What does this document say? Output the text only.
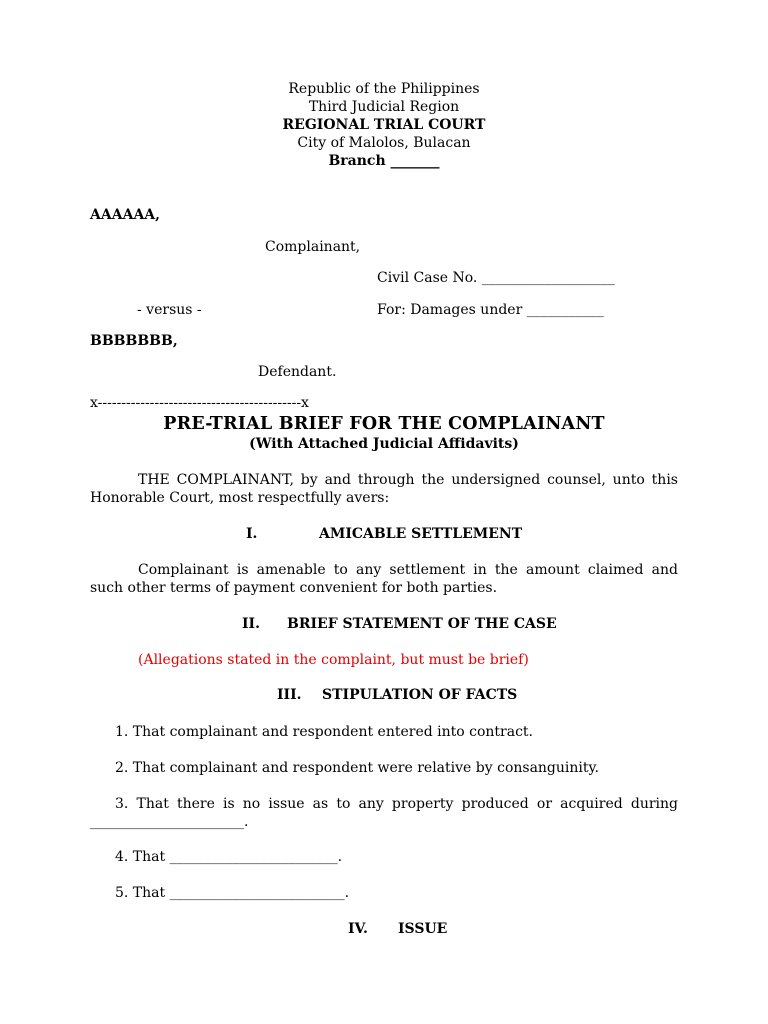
Republic of the Philippines
Third Judicial Region
REGIONAL TRIAL COURT
City of Malolos, Bulacan
Branch _______
AAAAAA,
Complainant,
Civil Case No. ___________________
- versus -	For: Damages under ___________
BBBBBBB,
Defendant.
x-------------------------------------------x
PRE-TRIAL BRIEF FOR THE COMPLAINANT
(With Attached Judicial Affidavits)
THE COMPLAINANT, by and through the undersigned counsel, unto this Honorable Court, most respectfully avers:
I.	AMICABLE SETTLEMENT
Complainant is amenable to any settlement in the amount claimed and such other terms of payment convenient for both parties.
II. BRIEF STATEMENT OF THE CASE
(Allegations stated in the complaint, but must be brief)
III. STIPULATION OF FACTS
1. That complainant and respondent entered into contract.
2. That complainant and respondent were relative by consanguinity.
3. That there is no issue as to any property produced or acquired during
______________________.
4. That ________________________.
5. That _________________________.
IV. ISSUE
